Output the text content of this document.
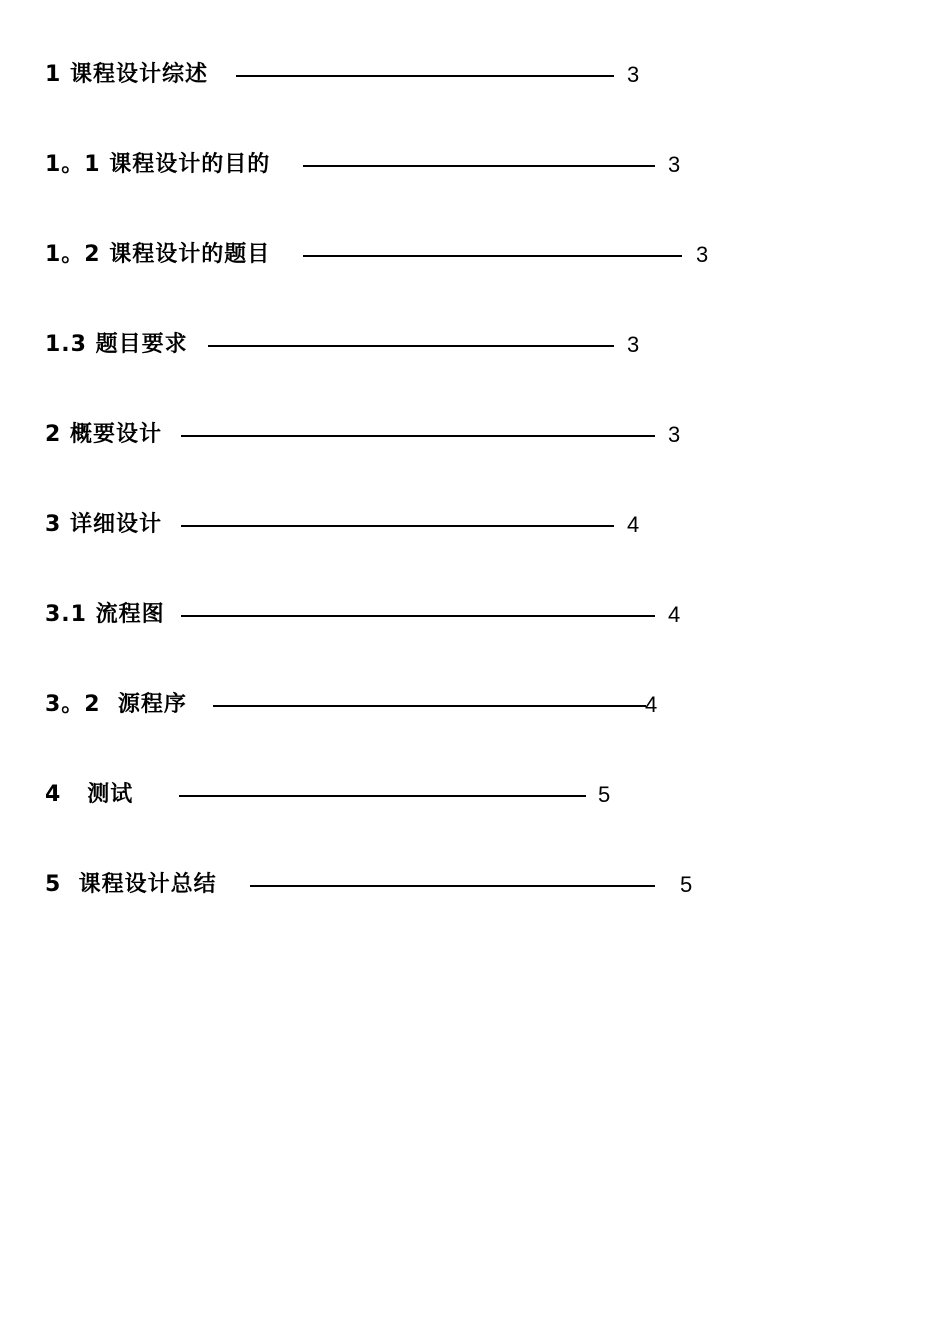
1 课程设计综述	3
1。1 课程设计的目的	3
1。2 课程设计的题目	3
1.3 题目要求	3
2 概要设计	3
3 详细设计	4
3.1 流程图	4
3。2  源程序	4
4   测试	5
5  课程设计总结	5
